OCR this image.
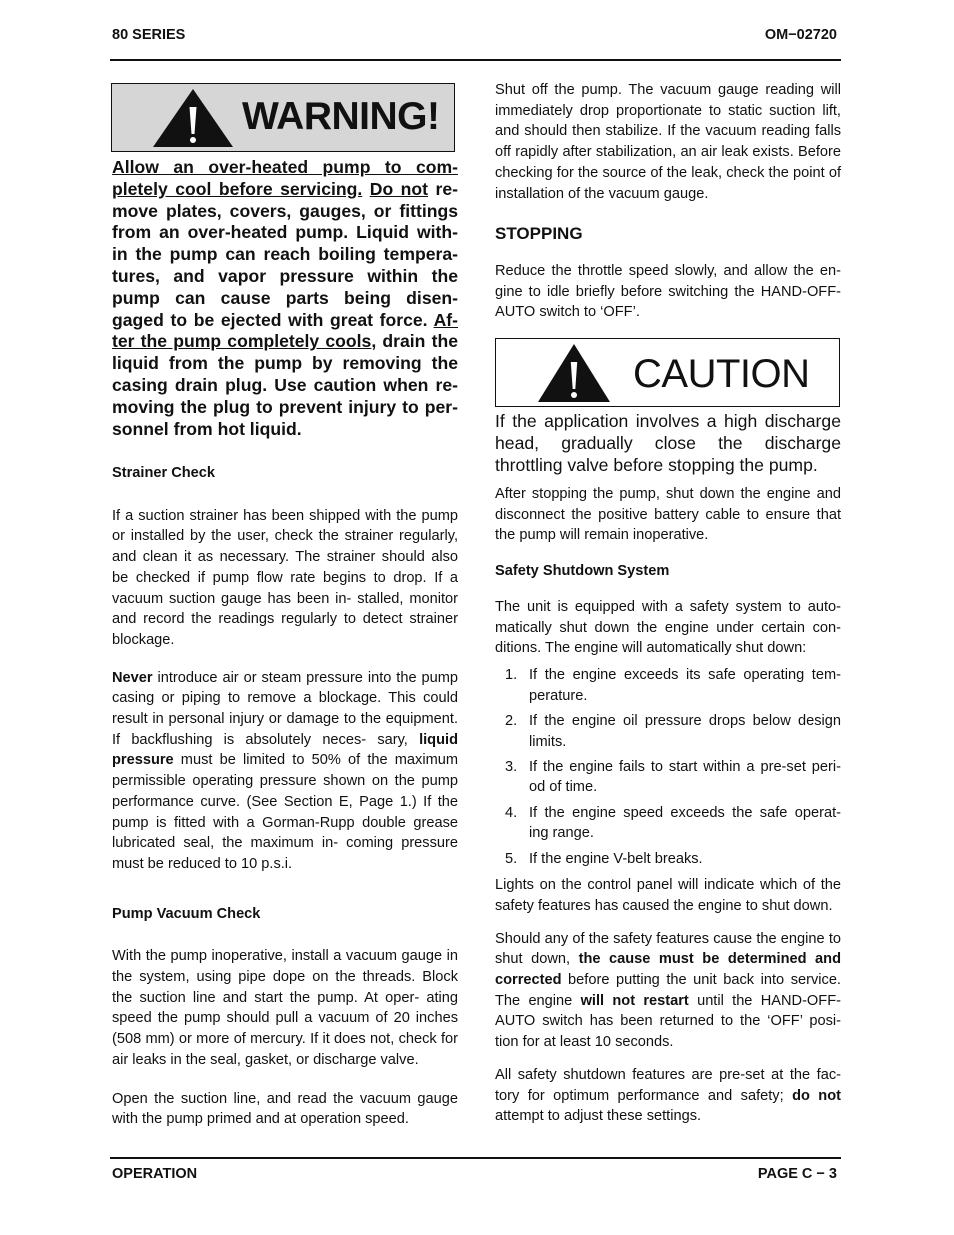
80 SERIES	OM−02720
WARNING!

Allow an over-heated pump to com- pletely cool before servicing. Do not re- move plates, covers, gauges, or fittings from an over-heated pump. Liquid with- in the pump can reach boiling tempera- tures, and vapor pressure within the pump can cause parts being disen- gaged to be ejected with great force. Af- ter the pump completely cools, drain the liquid from the pump by removing the casing drain plug. Use caution when re- moving the plug to prevent injury to per- sonnel from hot liquid.

Strainer Check

If a suction strainer has been shipped with the pump or installed by the user, check the strainer regularly, and clean it as necessary. The strainer should also be checked if pump flow rate begins to drop. If a vacuum suction gauge has been in- stalled, monitor and record the readings regularly to detect strainer blockage.

Never introduce air or steam pressure into the pump casing or piping to remove a blockage. This could result in personal injury or damage to the equipment. If backflushing is absolutely neces- sary, liquid pressure must be limited to 50% of the maximum permissible operating pressure shown on the pump performance curve. (See Section E, Page 1.) If the pump is fitted with a Gorman-Rupp double grease lubricated seal, the maximum in- coming pressure must be reduced to 10 p.s.i.

Pump Vacuum Check

With the pump inoperative, install a vacuum gauge in the system, using pipe dope on the threads. Block the suction line and start the pump. At oper- ating speed the pump should pull a vacuum of 20 inches (508 mm) or more of mercury. If it does not, check for air leaks in the seal, gasket, or discharge valve.

Open the suction line, and read the vacuum gauge with the pump primed and at operation speed.

Shut off the pump. The vacuum gauge reading will immediately drop proportionate to static suction lift, and should then stabilize. If the vacuum reading falls off rapidly after stabilization, an air leak exists. Before checking for the source of the leak, check the point of installation of the vacuum gauge.

STOPPING

Reduce the throttle speed slowly, and allow the en- gine to idle briefly before switching the HAND-OFF- AUTO switch to ‘OFF’.

CAUTION

If the application involves a high discharge head, gradually close the discharge throttling valve before stopping the pump.

After stopping the pump, shut down the engine and disconnect the positive battery cable to ensure that the pump will remain inoperative.

Safety Shutdown System

The unit is equipped with a safety system to auto- matically shut down the engine under certain con- ditions. The engine will automatically shut down:

1. If the engine exceeds its safe operating tem- perature.
2. If the engine oil pressure drops below design limits.
3. If the engine fails to start within a pre-set peri- od of time.
4. If the engine speed exceeds the safe operat- ing range.
5. If the engine V-belt breaks.

Lights on the control panel will indicate which of the safety features has caused the engine to shut down.

Should any of the safety features cause the engine to shut down, the cause must be determined and corrected before putting the unit back into service. The engine will not restart until the HAND-OFF- AUTO switch has been returned to the ‘OFF’ posi- tion for at least 10 seconds.

All safety shutdown features are pre-set at the fac- tory for optimum performance and safety; do not attempt to adjust these settings.

OPERATION	PAGE C − 3
